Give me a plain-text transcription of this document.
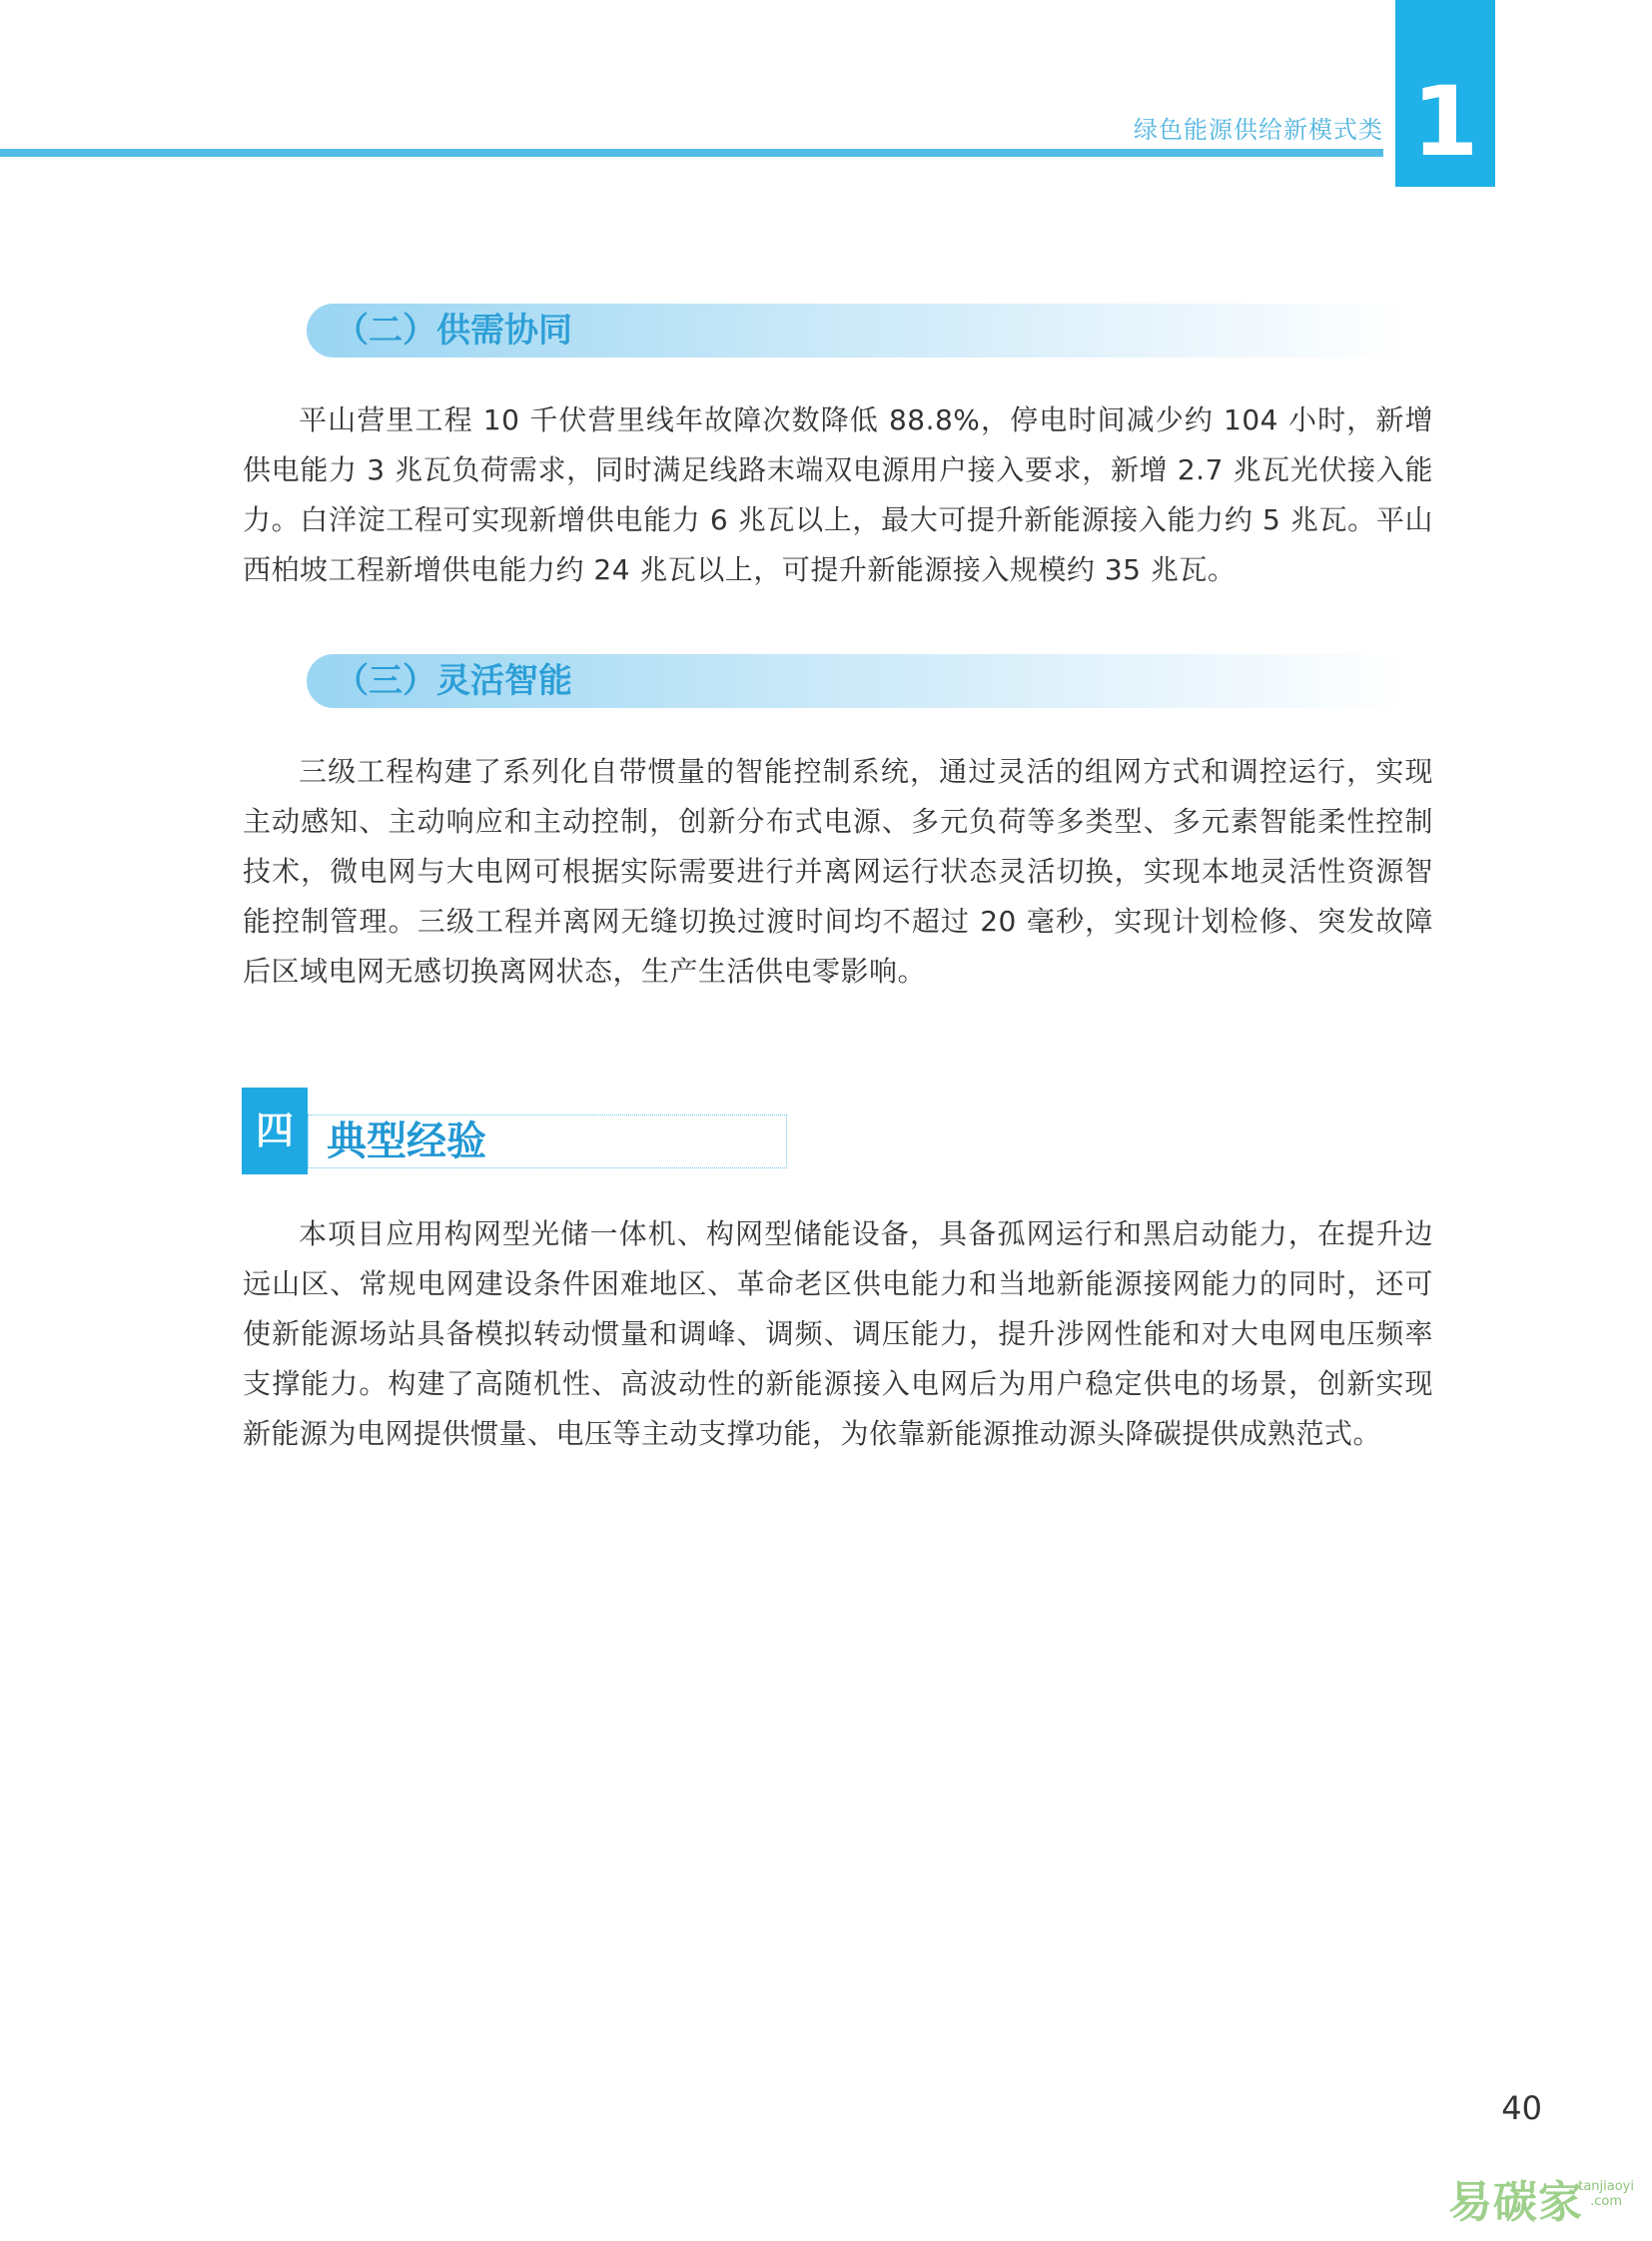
绿色能源供给新模式类 1
（二）供需协同

平山营里工程 10 千伏营里线年故障次数降低 88.8%，停电时间减少约 104 小时，新增供电能力 3 兆瓦负荷需求，同时满足线路末端双电源用户接入要求，新增 2.7 兆瓦光伏接入能力。白洋淀工程可实现新增供电能力 6 兆瓦以上，最大可提升新能源接入能力约 5 兆瓦。平山西柏坡工程新增供电能力约 24 兆瓦以上，可提升新能源接入规模约 35 兆瓦。

（三）灵活智能

三级工程构建了系列化自带惯量的智能控制系统，通过灵活的组网方式和调控运行，实现主动感知、主动响应和主动控制，创新分布式电源、多元负荷等多类型、多元素智能柔性控制技术，微电网与大电网可根据实际需要进行并离网运行状态灵活切换，实现本地灵活性资源智能控制管理。三级工程并离网无缝切换过渡时间均不超过 20 毫秒，实现计划检修、突发故障后区域电网无感切换离网状态，生产生活供电零影响。

四 典型经验

本项目应用构网型光储一体机、构网型储能设备，具备孤网运行和黑启动能力，在提升边远山区、常规电网建设条件困难地区、革命老区供电能力和当地新能源接网能力的同时，还可使新能源场站具备模拟转动惯量和调峰、调频、调压能力，提升涉网性能和对大电网电压频率支撑能力。构建了高随机性、高波动性的新能源接入电网后为用户稳定供电的场景，创新实现新能源为电网提供惯量、电压等主动支撑功能，为依靠新能源推动源头降碳提供成熟范式。

40
易碳家
tanjiaoyi
.com
